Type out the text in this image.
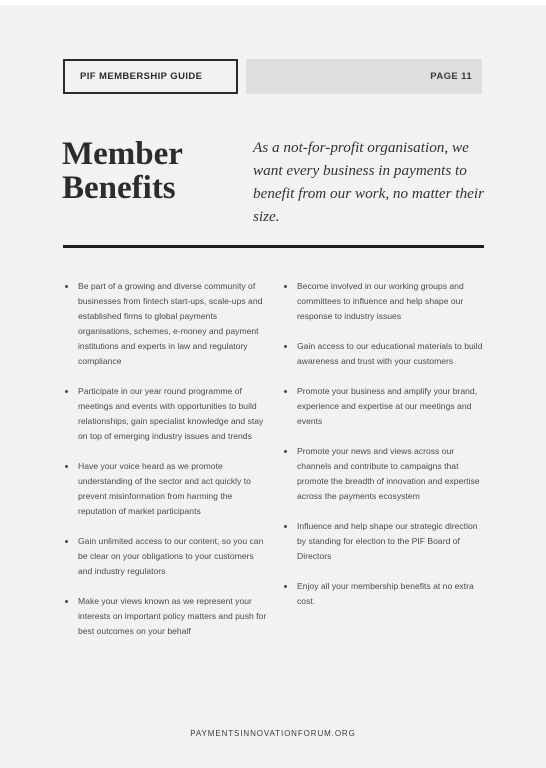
PIF MEMBERSHIP GUIDE	PAGE 11
Member
Benefits

As a not-for-profit organisation, we want every business in payments to benefit from our work, no matter their size.

Be part of a growing and diverse community of businesses from fintech start-ups, scale-ups and established firms to global payments organisations, schemes, e-money and payment institutions and experts in law and regulatory compliance
Participate in our year round programme of meetings and events with opportunities to build relationships, gain specialist knowledge and stay on top of emerging industry issues and trends
Have your voice heard as we promote understanding of the sector and act quickly to prevent misinformation from harming the reputation of market participants
Gain unlimited access to our content, so you can be clear on your obligations to your customers and industry regulators
Make your views known as we represent your interests on important policy matters and push for best outcomes on your behalf
Become involved in our working groups and committees to influence and help shape our response to industry issues
Gain access to our educational materials to build awareness and trust with your customers
Promote your business and amplify your brand, experience and expertise at our meetings and events
Promote your news and views across our channels and contribute to campaigns that promote the breadth of innovation and expertise across the payments ecosystem
Influence and help shape our strategic direction by standing for election to the PIF Board of Directors
Enjoy all your membership benefits at no extra cost.
PAYMENTSINNOVATIONFORUM.ORG
